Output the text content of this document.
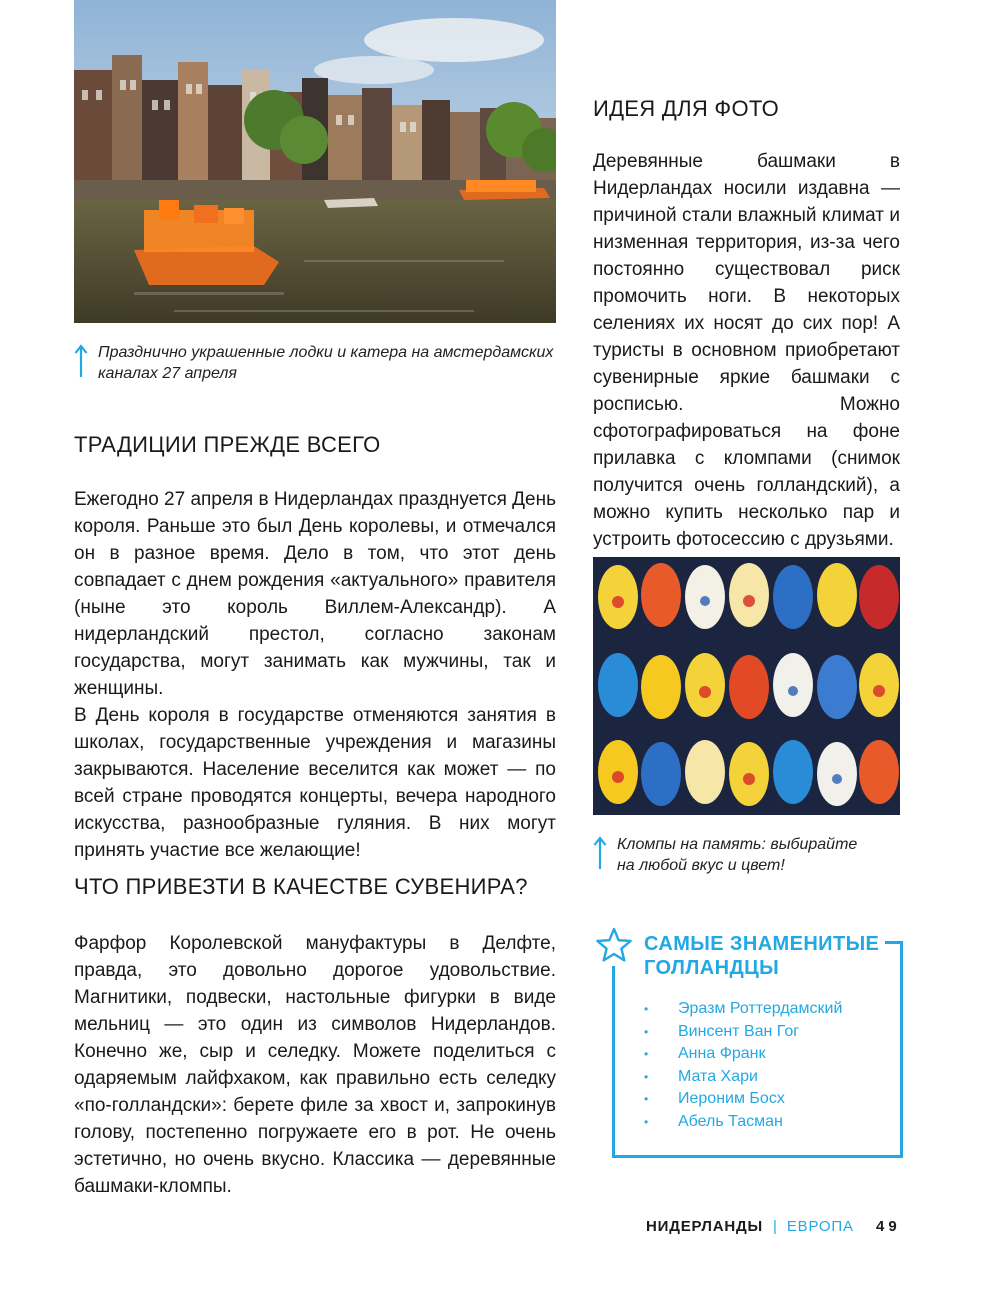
Празднично украшенные лодки и катера на амстердамских каналах 27 апреля
ТРАДИЦИИ ПРЕЖДЕ ВСЕГО

Ежегодно 27 апреля в Нидерландах празднуется День короля. Раньше это был День королевы, и отмечался он в разное время. Дело в том, что этот день совпадает с днем рождения «актуального» правителя (ныне это король Виллем-Александр). А нидерландский престол, согласно законам государства, могут занимать как мужчины, так и женщины.

В День короля в государстве отменяются занятия в школах, государственные учреждения и магазины закрываются. Население веселится как может — по всей стране проводятся концерты, вечера народного искусства, разнообразные гуляния. В них могут принять участие все желающие!

ЧТО ПРИВЕЗТИ В КАЧЕСТВЕ СУВЕНИРА?

Фарфор Королевской мануфактуры в Делфте, правда, это довольно дорогое удовольствие. Магнитики, подвески, настольные фигурки в виде мельниц — это один из символов Нидерландов. Конечно же, сыр и селедку. Можете поделиться с одаряемым лайфхаком, как правильно есть селедку «по-голландски»: берете филе за хвост и, запрокинув голову, постепенно погружаете его в рот. Не очень эстетично, но очень вкусно. Классика — деревянные башмаки-кломпы.

ИДЕЯ ДЛЯ ФОТО

Деревянные башмаки в Нидерландах носили издавна — причиной стали влажный климат и низменная территория, из-за чего постоянно существовал риск промочить ноги. В некоторых селениях их носят до сих пор! А туристы в основном приобретают сувенирные яркие башмаки с росписью. Можно сфотографироваться на фоне прилавка с кломпами (снимок получится очень голландский), а можно купить несколько пар и устроить фотосессию с друзьями.

Кломпы на память: выбирайте на любой вкус и цвет!
САМЫЕ ЗНАМЕНИТЫЕ
ГОЛЛАНДЦЫ
• Эразм Роттердамский
• Винсент Ван Гог
• Анна Франк
• Мата Хари
• Иероним Босх
• Абель Тасман
НИДЕРЛАНДЫ | ЕВРОПА 49
